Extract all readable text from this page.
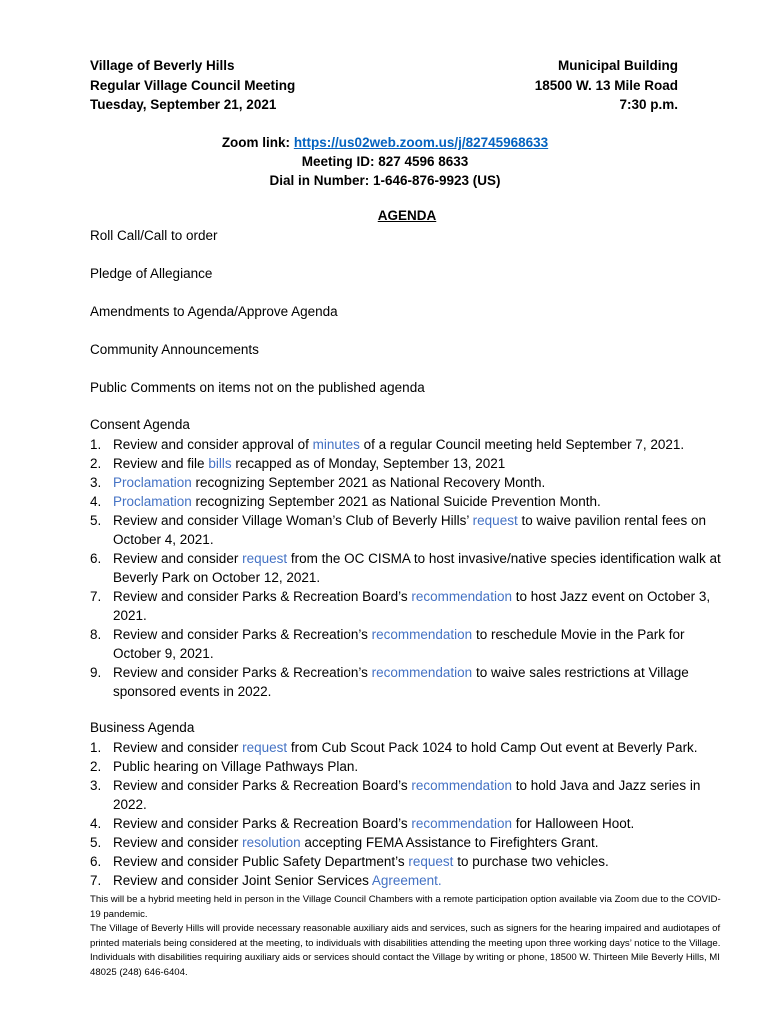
Village of Beverly Hills
Regular Village Council Meeting
Tuesday, September 21, 2021
Municipal Building
18500 W. 13 Mile Road
7:30 p.m.
Zoom link: https://us02web.zoom.us/j/82745968633
Meeting ID: 827 4596 8633
Dial in Number: 1-646-876-9923 (US)
AGENDA
Roll Call/Call to order
Pledge of Allegiance
Amendments to Agenda/Approve Agenda
Community Announcements
Public Comments on items not on the published agenda
Consent Agenda
1. Review and consider approval of minutes of a regular Council meeting held September 7, 2021.
2. Review and file bills recapped as of Monday, September 13, 2021
3. Proclamation recognizing September 2021 as National Recovery Month.
4. Proclamation recognizing September 2021 as National Suicide Prevention Month.
5. Review and consider Village Woman’s Club of Beverly Hills’ request to waive pavilion rental fees on October 4, 2021.
6. Review and consider request from the OC CISMA to host invasive/native species identification walk at Beverly Park on October 12, 2021.
7. Review and consider Parks & Recreation Board’s recommendation to host Jazz event on October 3, 2021.
8. Review and consider Parks & Recreation’s recommendation to reschedule Movie in the Park for October 9, 2021.
9. Review and consider Parks & Recreation’s recommendation to waive sales restrictions at Village sponsored events in 2022.
Business Agenda
1. Review and consider request from Cub Scout Pack 1024 to hold Camp Out event at Beverly Park.
2. Public hearing on Village Pathways Plan.
3. Review and consider Parks & Recreation Board’s recommendation to hold Java and Jazz series in 2022.
4. Review and consider Parks & Recreation Board’s recommendation for Halloween Hoot.
5. Review and consider resolution accepting FEMA Assistance to Firefighters Grant.
6. Review and consider Public Safety Department’s request to purchase two vehicles.
7. Review and consider Joint Senior Services Agreement.

This will be a hybrid meeting held in person in the Village Council Chambers with a remote participation option available via Zoom due to the COVID-19 pandemic.

The Village of Beverly Hills will provide necessary reasonable auxiliary aids and services, such as signers for the hearing impaired and audiotapes of printed materials being considered at the meeting, to individuals with disabilities attending the meeting upon three working days’ notice to the Village. Individuals with disabilities requiring auxiliary aids or services should contact the Village by writing or phone, 18500 W. Thirteen Mile Beverly Hills, MI 48025 (248) 646-6404.
